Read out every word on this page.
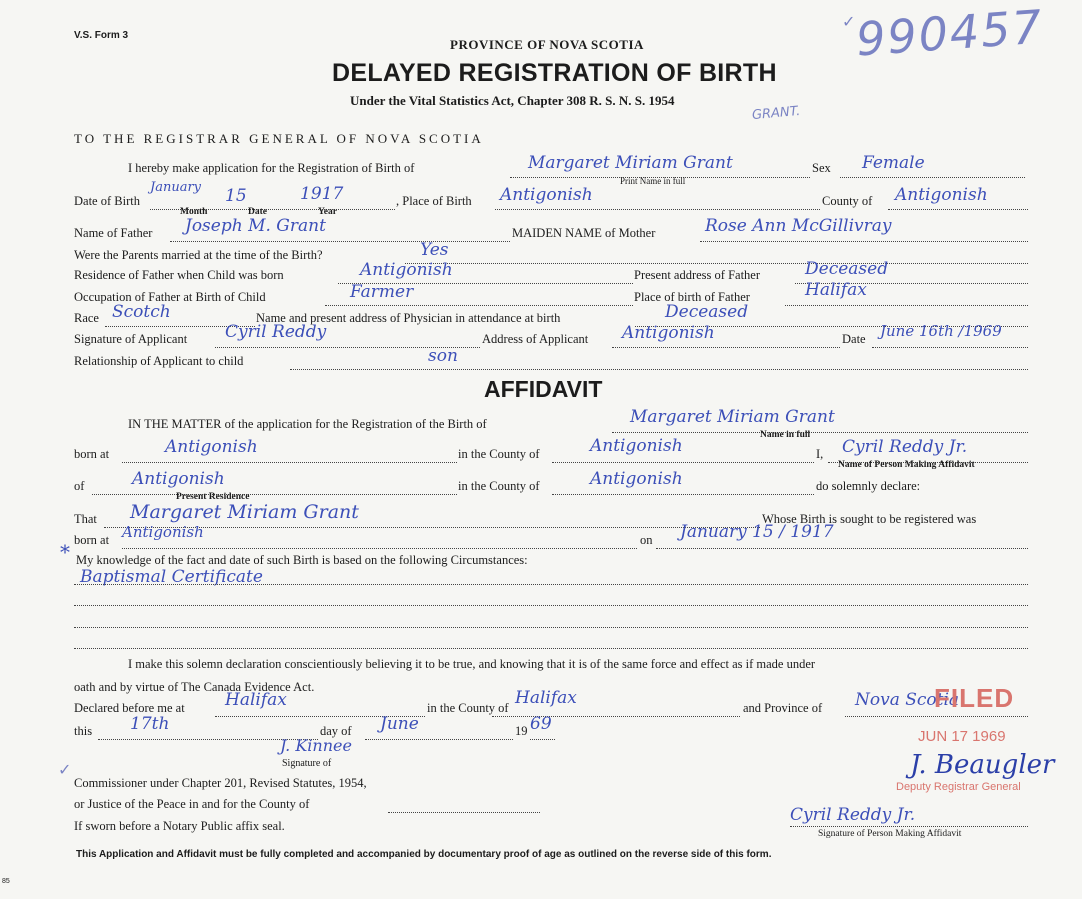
V.S. Form 3
PROVINCE OF NOVA SCOTIA
DELAYED REGISTRATION OF BIRTH
Under the Vital Statistics Act, Chapter 308 R. S. N. S. 1954
990457
✓
GRANT.
TO THE REGISTRAR GENERAL OF NOVA SCOTIA
I hereby make application for the Registration of Birth of	Margaret Miriam Grant
Print Name in full
Sex Female
Date of Birth
January 15	1917
Month	Date	Year
, Place of Birth Antigonish	County of Antigonish
Name of Father Joseph M. Grant	MAIDEN NAME of Mother	Rose Ann McGillivray
Were the Parents married at the time of the Birth?	Yes
Residence of Father when Child was born	Antigonish	Present address of Father	Deceased
Occupation of Father at Birth of Child	Farmer	Place of birth of Father	Halifax
Race Scotch	Name and present address of Physician in attendance at birth	Deceased
Signature of Applicant Cyril Reddy	Address of Applicant Antigonish	Date June 16th /1969
Relationship of Applicant to child	son
AFFIDAVIT
IN THE MATTER of the application for the Registration of the Birth of	Margaret Miriam Grant
Name in full
born at	Antigonish	in the County of	Antigonish	I, Cyril Reddy Jr.
Name of Person Making Affidavit
of	Antigonish
Present Residence
in the County of	Antigonish	do solemnly declare:
That Margaret Miriam Grant	Whose Birth is sought to be registered was
born at Antigonish	on January 15 / 1917
* My knowledge of the fact and date of such Birth is based on the following Circumstances:
Baptismal Certificate
I make this solemn declaration conscientiously believing it to be true, and knowing that it is of the same force and effect as if made under
oath and by virtue of The Canada Evidence Act.
Declared before me at Halifax	in the County of Halifax	and Province of Nova Scotia
this 17th	day of June	19 69
J. Kinnee
Signature of
✓
Commissioner under Chapter 201, Revised Statutes, 1954,
or Justice of the Peace in and for the County of
If sworn before a Notary Public affix seal.
FILED
JUN 17 1969
J. Beaugler
Deputy Registrar General
Cyril Reddy Jr.
Signature of Person Making Affidavit
This Application and Affidavit must be fully completed and accompanied by documentary proof of age as outlined on the reverse side of this form.
85
